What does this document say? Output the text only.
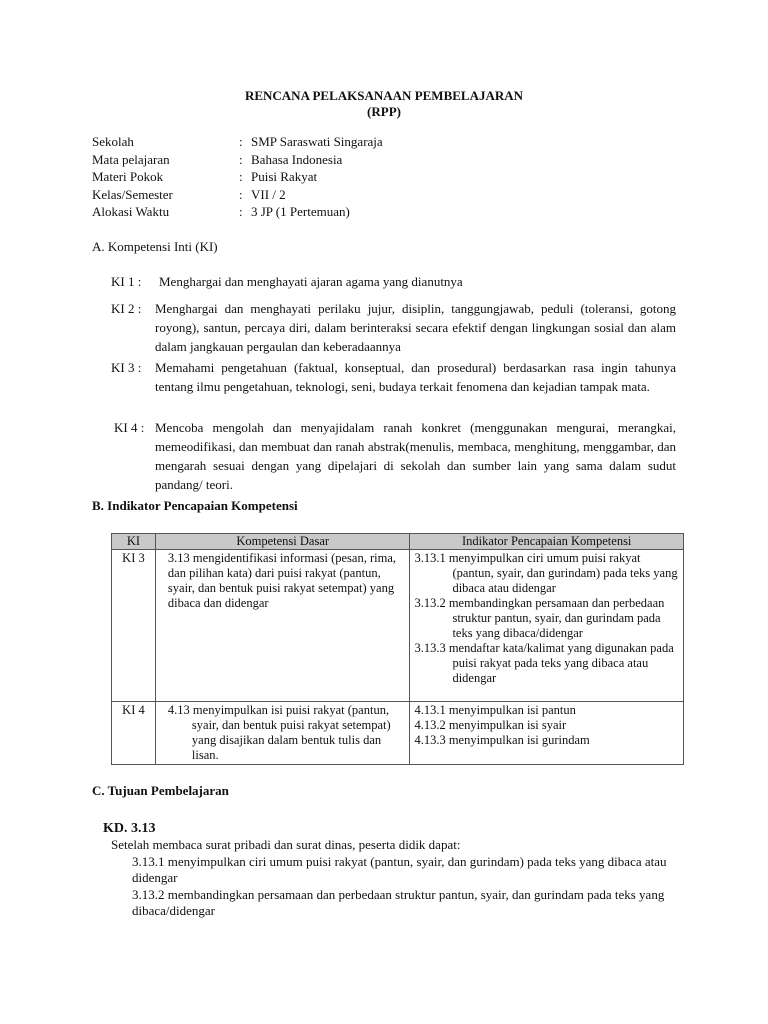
RENCANA PELAKSANAAN PEMBELAJARAN
(RPP)
Sekolah	: SMP Saraswati Singaraja
Mata pelajaran	: Bahasa Indonesia
Materi Pokok	: Puisi Rakyat
Kelas/Semester	: VII / 2
Alokasi Waktu	: 3 JP (1 Pertemuan)
A. Kompetensi Inti (KI)
KI 1 : Menghargai dan menghayati ajaran agama yang dianutnya
KI 2 : Menghargai dan menghayati perilaku jujur, disiplin, tanggungjawab, peduli (toleransi, gotong royong), santun, percaya diri, dalam berinteraksi secara efektif dengan lingkungan sosial dan alam dalam jangkauan pergaulan dan keberadaannya
KI 3 : Memahami pengetahuan (faktual, konseptual, dan prosedural) berdasarkan rasa ingin tahunya tentang ilmu pengetahuan, teknologi, seni, budaya terkait fenomena dan kejadian tampak mata.
KI 4 : Mencoba mengolah dan menyajidalam ranah konkret (menggunakan mengurai, merangkai, memeodifikasi, dan membuat dan ranah abstrak(menulis, membaca, menghitung, menggambar, dan mengarah sesuai dengan yang dipelajari di sekolah dan sumber lain yang sama dalam sudut pandang/ teori.
B. Indikator Pencapaian Kompetensi
KI	Kompetensi Dasar	Indikator Pencapaian Kompetensi
KI 3	3.13 mengidentifikasi informasi (pesan, rima, dan pilihan kata) dari puisi rakyat (pantun, syair, dan bentuk puisi rakyat setempat) yang dibaca dan didengar	3.13.1 menyimpulkan ciri umum puisi rakyat (pantun, syair, dan gurindam) pada teks yang dibaca atau didengar
3.13.2 membandingkan persamaan dan perbedaan struktur pantun, syair, dan gurindam pada teks yang dibaca/didengar
3.13.3 mendaftar kata/kalimat yang digunakan pada puisi rakyat pada teks yang dibaca atau didengar

KI 4	4.13 menyimpulkan isi puisi rakyat (pantun, syair, dan bentuk puisi rakyat setempat) yang disajikan dalam bentuk tulis dan lisan.	4.13.1 menyimpulkan isi pantun
4.13.2 menyimpulkan isi syair
4.13.3 menyimpulkan isi gurindam
C. Tujuan Pembelajaran
KD. 3.13
Setelah membaca surat pribadi dan surat dinas, peserta didik dapat:
3.13.1 menyimpulkan ciri umum puisi rakyat (pantun, syair, dan gurindam) pada teks yang dibaca atau didengar
3.13.2 membandingkan persamaan dan perbedaan struktur pantun, syair, dan gurindam pada teks yang dibaca/didengar
